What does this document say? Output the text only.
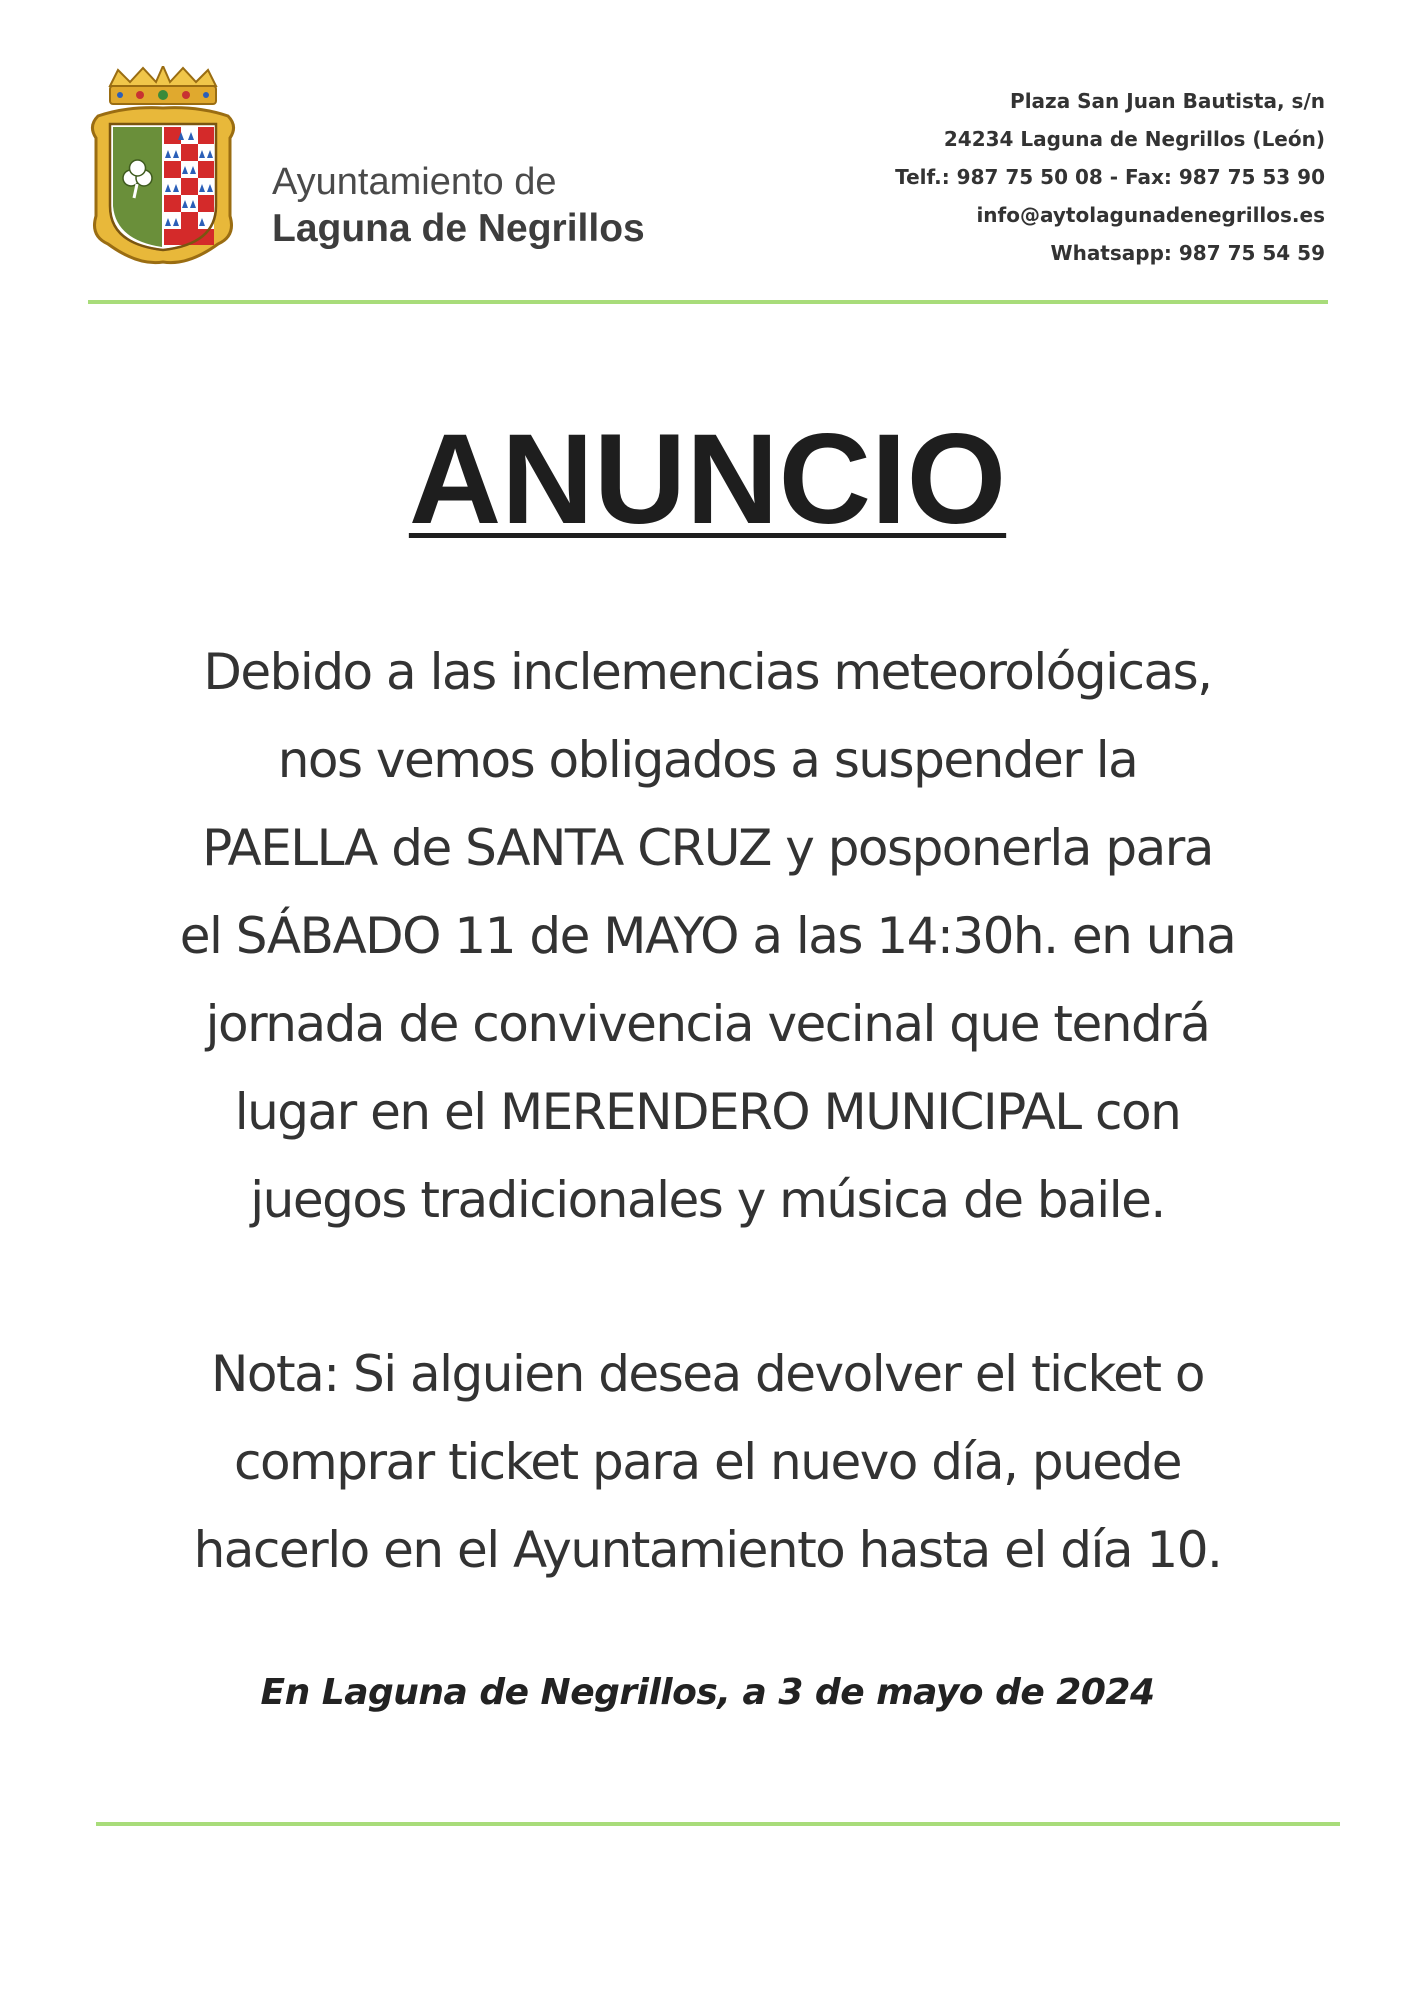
Ayuntamiento de
Laguna de Negrillos
Plaza San Juan Bautista, s/n
24234 Laguna de Negrillos (León)
Telf.: 987 75 50 08 - Fax: 987 75 53 90
info@aytolagunadenegrillos.es
Whatsapp: 987 75 54 59
ANUNCIO
Debido a las inclemencias meteorológicas,
nos vemos obligados a suspender la
PAELLA de SANTA CRUZ y posponerla para
el SÁBADO 11 de MAYO a las 14:30h. en una
jornada de convivencia vecinal que tendrá
lugar en el MERENDERO MUNICIPAL con
juegos tradicionales y música de baile.
Nota: Si alguien desea devolver el ticket o
comprar ticket para el nuevo día, puede
hacerlo en el Ayuntamiento hasta el día 10.
En Laguna de Negrillos, a 3 de mayo de 2024
